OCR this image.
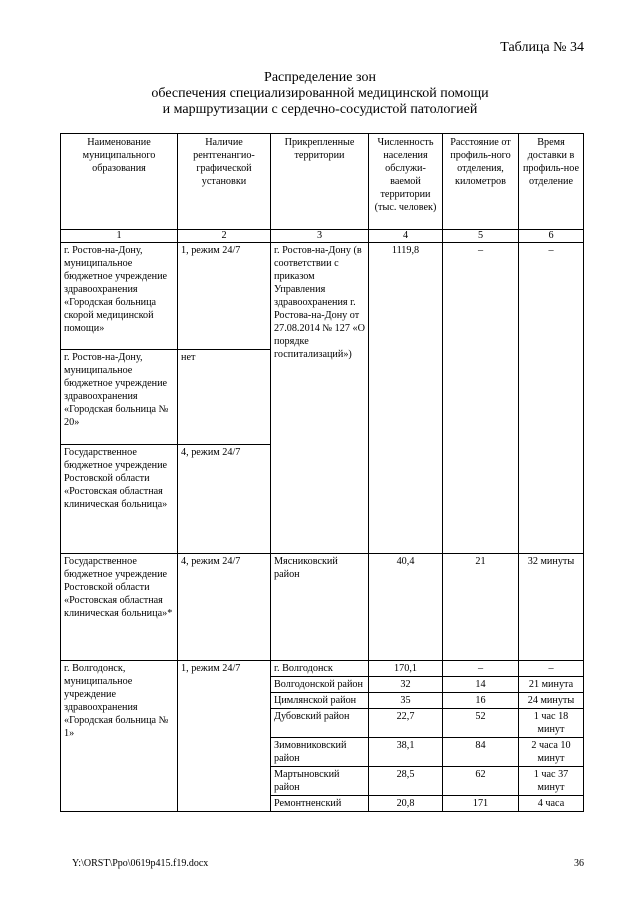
Таблица № 34
Распределение зон
обеспечения специализированной медицинской помощи
и маршрутизации с сердечно-сосудистой патологией
Наименование муниципального образования	Наличие рентгенангио-графической установки	Прикрепленные территории	Численность населения обслужи-ваемой территории (тыс. человек)	Расстояние от профиль-ного отделения, километров	Время доставки в профиль-ное отделение
1	2	3	4	5	6
г. Ростов-на-Дону, муниципальное бюджетное учреждение здравоохранения «Городская больница скорой медицинской помощи»	1, режим 24/7	г. Ростов-на-Дону (в соответствии с приказом Управления здравоохранения г. Ростова-на-Дону от 27.08.2014 № 127 «О порядке госпитализаций»)	1119,8	–	–
г. Ростов-на-Дону, муниципальное бюджетное учреждение здравоохранения «Городская больница № 20»	нет				
Государственное бюджетное учреждение Ростовской области «Ростовская областная клиническая больница»	4, режим 24/7				
Государственное бюджетное учреждение Ростовской области «Ростовская областная клиническая больница»*	4, режим 24/7	Мясниковский район	40,4	21	32 минуты
г. Волгодонск, муниципальное учреждение здравоохранения «Городская больница № 1»	1, режим 24/7	г. Волгодонск	170,1	–	–
		Волгодонской район	32	14	21 минута
		Цимлянской район	35	16	24 минуты
		Дубовский район	22,7	52	1 час 18 минут
		Зимовниковский район	38,1	84	2 часа 10 минут
		Мартыновский район	28,5	62	1 час 37 минут
		Ремонтненский	20,8	171	4 часа
Y:\ORST\Ppo\0619p415.f19.docx	36
